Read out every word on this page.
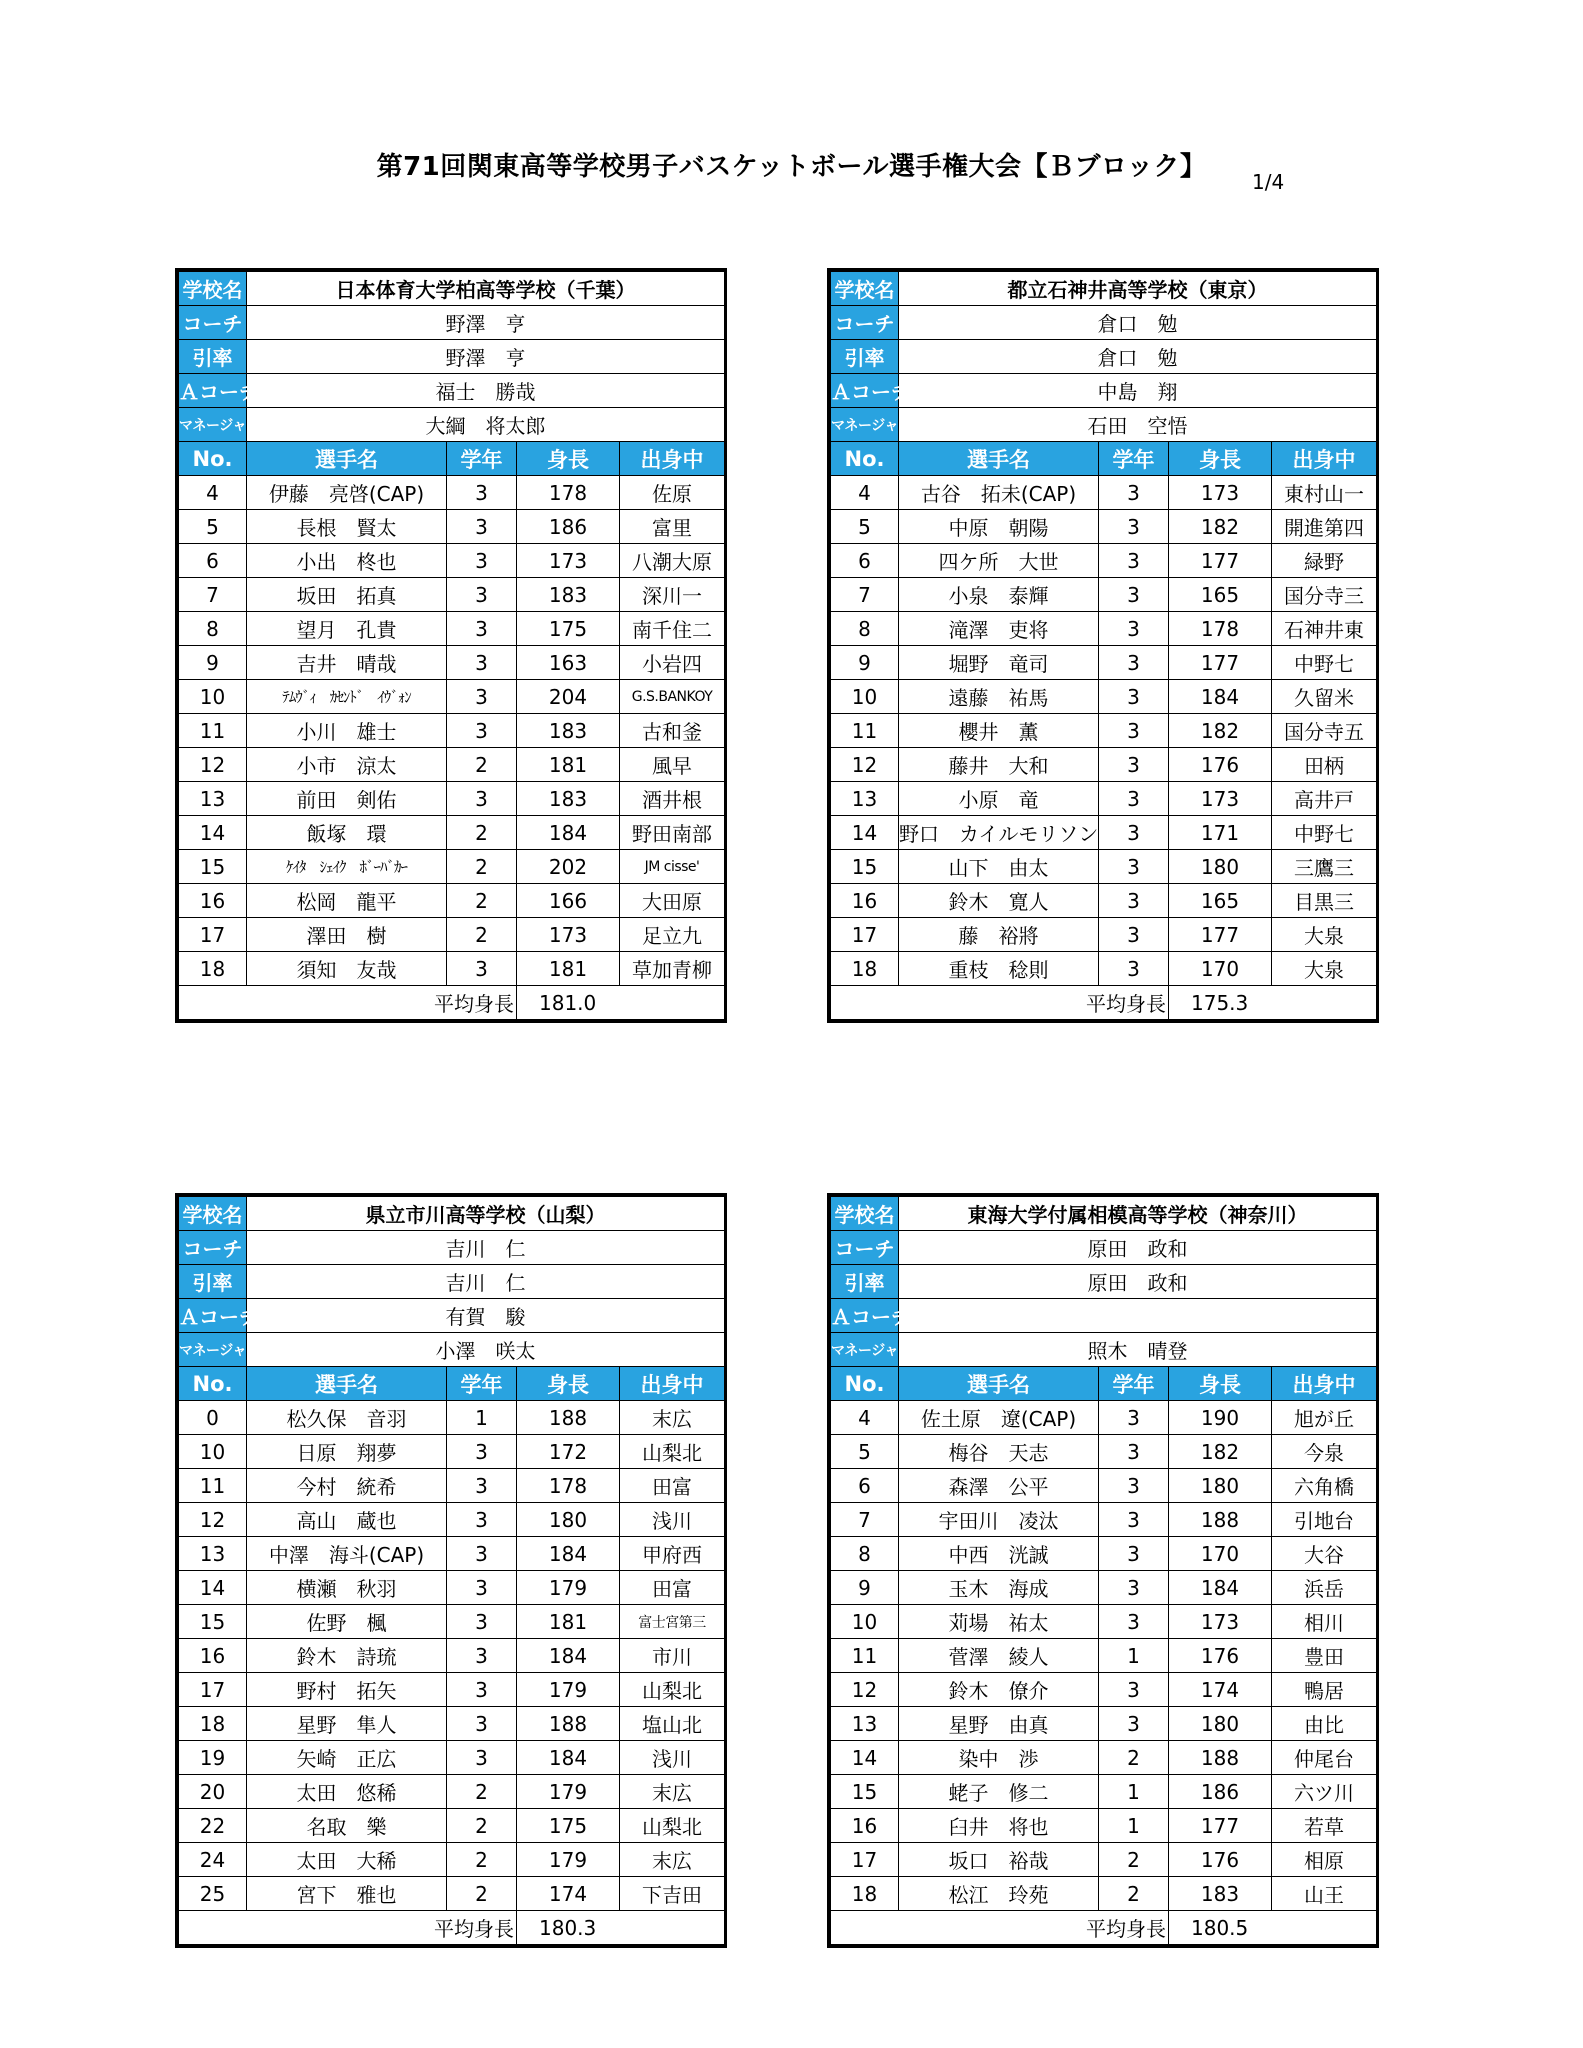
第71回関東高等学校男子バスケットボール選手権大会【Ｂブロック】	1/4
学校名	日本体育大学柏高等学校（千葉）			
コーチ	野澤　亨			
引率	野澤　亨			
Ａコーチ	福士　勝哉			
マネージャー	大綱　将太郎			
No.	選手名	学年	身長	出身中
4	伊藤　亮啓(CAP)	3	178	佐原
5	長根　賢太	3	186	富里
6	小出　柊也	3	173	八潮大原
7	坂田　拓真	3	183	深川一
8	望月　孔貴	3	175	南千住二
9	吉井　晴哉	3	163	小岩四
10	ﾃﾑｳﾞｨ　ｶｾﾝﾄﾞ　ｲｳﾞｫﾝ	3	204	G.S.BANKOY
11	小川　雄士	3	183	古和釜
12	小市　涼太	2	181	風早
13	前田　剣佑	3	183	酒井根
14	飯塚　環	2	184	野田南部
15	ｹｲﾀ　ｼｪｲｸ　ﾎﾞｰﾊﾞｶｰ	2	202	JM cisse'
16	松岡　龍平	2	166	大田原
17	澤田　樹	2	173	足立九
18	須知　友哉	3	181	草加青柳
平均身長			181.0	
学校名	都立石神井高等学校（東京）			
コーチ	倉口　勉			
引率	倉口　勉			
Ａコーチ	中島　翔			
マネージャー	石田　空悟			
No.	選手名	学年	身長	出身中
4	古谷　拓未(CAP)	3	173	東村山一
5	中原　朝陽	3	182	開進第四
6	四ケ所　大世	3	177	緑野
7	小泉　泰輝	3	165	国分寺三
8	滝澤　吏将	3	178	石神井東
9	堀野　竜司	3	177	中野七
10	遠藤　祐馬	3	184	久留米
11	櫻井　薫	3	182	国分寺五
12	藤井　大和	3	176	田柄
13	小原　竜	3	173	高井戸
14	野口　カイルモリソン	3	171	中野七
15	山下　由太	3	180	三鷹三
16	鈴木　寛人	3	165	目黒三
17	藤　裕將	3	177	大泉
18	重枝　稔則	3	170	大泉
平均身長			175.3	
学校名	県立市川高等学校（山梨）			
コーチ	吉川　仁			
引率	吉川　仁			
Ａコーチ	有賀　駿			
マネージャー	小澤　咲太			
No.	選手名	学年	身長	出身中
0	松久保　音羽	1	188	末広
10	日原　翔夢	3	172	山梨北
11	今村　統希	3	178	田富
12	高山　蔵也	3	180	浅川
13	中澤　海斗(CAP)	3	184	甲府西
14	横瀬　秋羽	3	179	田富
15	佐野　楓	3	181	富士宮第三
16	鈴木　詩琉	3	184	市川
17	野村　拓矢	3	179	山梨北
18	星野　隼人	3	188	塩山北
19	矢崎　正広	3	184	浅川
20	太田　悠稀	2	179	末広
22	名取　樂	2	175	山梨北
24	太田　大稀	2	179	末広
25	宮下　雅也	2	174	下吉田
平均身長			180.3	
学校名	東海大学付属相模高等学校（神奈川）			
コーチ	原田　政和			
引率	原田　政和			
Ａコーチ				
マネージャー	照木　晴登			
No.	選手名	学年	身長	出身中
4	佐土原　遼(CAP)	3	190	旭が丘
5	梅谷　天志	3	182	今泉
6	森澤　公平	3	180	六角橋
7	宇田川　凌汰	3	188	引地台
8	中西　洸誠	3	170	大谷
9	玉木　海成	3	184	浜岳
10	苅場　祐太	3	173	相川
11	菅澤　綾人	1	176	豊田
12	鈴木　僚介	3	174	鴨居
13	星野　由真	3	180	由比
14	染中　渉	2	188	仲尾台
15	蛯子　修二	1	186	六ツ川
16	臼井　将也	1	177	若草
17	坂口　裕哉	2	176	相原
18	松江　玲苑	2	183	山王
平均身長			180.5	
